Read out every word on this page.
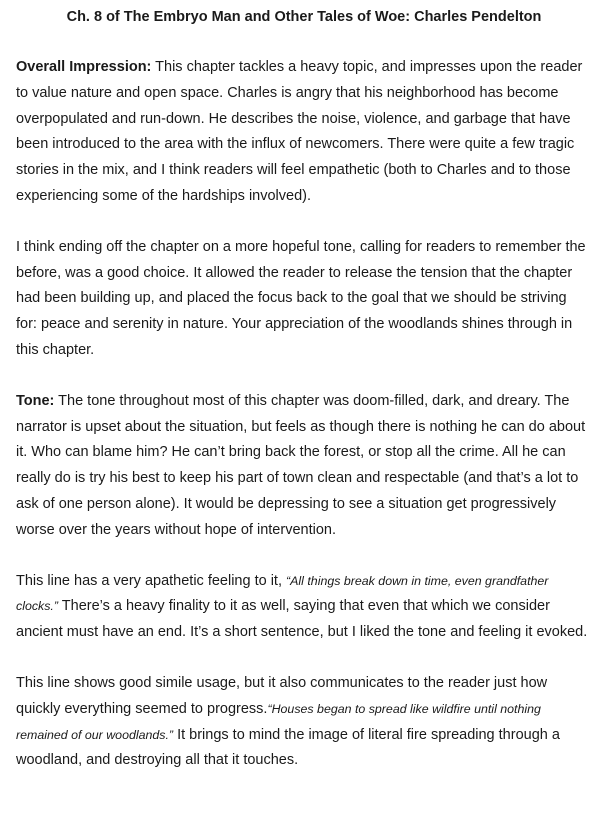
Ch. 8 of The Embryo Man and Other Tales of Woe: Charles Pendelton

Overall Impression: This chapter tackles a heavy topic, and impresses upon the reader to value nature and open space. Charles is angry that his neighborhood has become overpopulated and run-down. He describes the noise, violence, and garbage that have been introduced to the area with the influx of newcomers. There were quite a few tragic stories in the mix, and I think readers will feel empathetic (both to Charles and to those experiencing some of the hardships involved).

I think ending off the chapter on a more hopeful tone, calling for readers to remember the before, was a good choice. It allowed the reader to release the tension that the chapter had been building up, and placed the focus back to the goal that we should be striving for: peace and serenity in nature. Your appreciation of the woodlands shines through in this chapter.

Tone: The tone throughout most of this chapter was doom-filled, dark, and dreary. The narrator is upset about the situation, but feels as though there is nothing he can do about it. Who can blame him? He can’t bring back the forest, or stop all the crime. All he can really do is try his best to keep his part of town clean and respectable (and that’s a lot to ask of one person alone). It would be depressing to see a situation get progressively worse over the years without hope of intervention.

This line has a very apathetic feeling to it, “All things break down in time, even grandfather clocks.” There’s a heavy finality to it as well, saying that even that which we consider ancient must have an end. It’s a short sentence, but I liked the tone and feeling it evoked.

This line shows good simile usage, but it also communicates to the reader just how quickly everything seemed to progress.“Houses began to spread like wildfire until nothing remained of our woodlands.” It brings to mind the image of literal fire spreading through a woodland, and destroying all that it touches.
